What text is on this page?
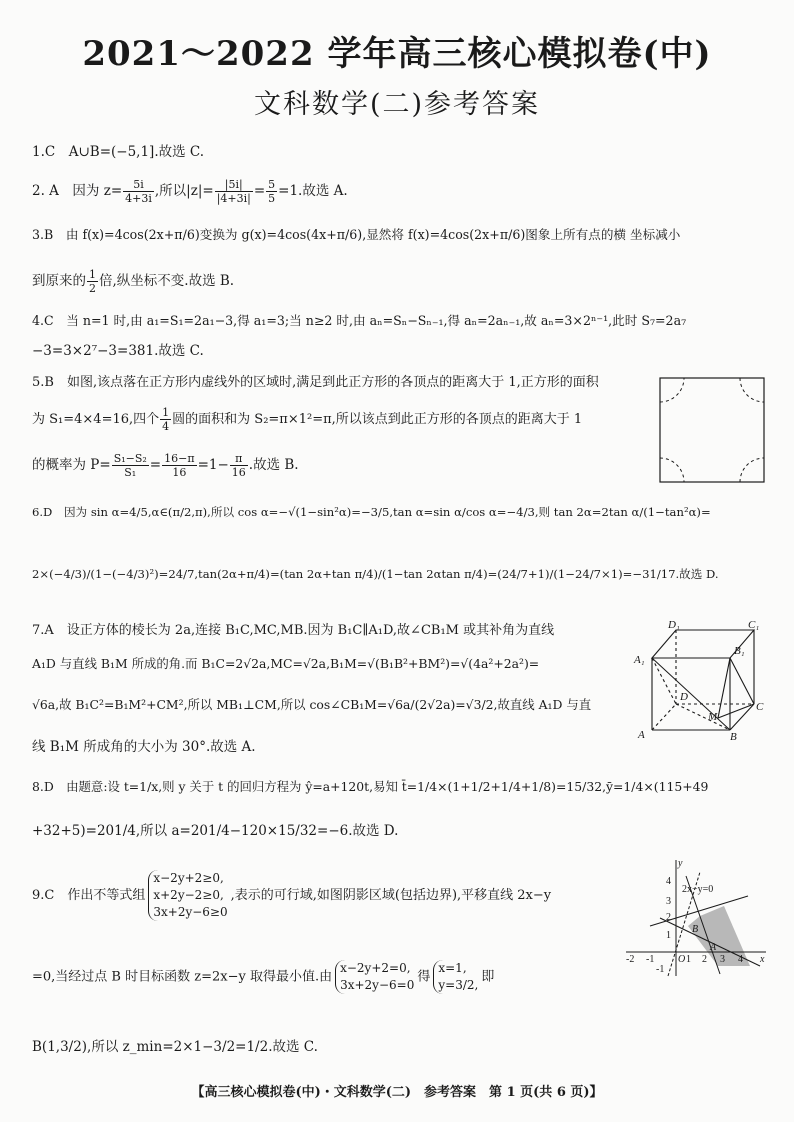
2021～2022 学年高三核心模拟卷(中)
文科数学(二)参考答案
1.C　A∪B=(−5,1].故选 C.
2. A　因为 $z= \frac{5i}{4+3i}$ ,所以$|z|= \frac{|5i|}{|4+3i|} = \frac{5}{5} =1$.故选 A.
3.B　由 f(x)=4cos(2x+π/6)变换为 g(x)=4cos(4x+π/6),显然将 f(x)=4cos(2x+π/6)图象上所有点的横 坐标减小
到原来的 $\frac{1}{2}$ 倍,纵坐标不变.故选 B.
4.C　当 n=1 时,由 a₁=S₁=2a₁−3,得 a₁=3;当 n≥2 时,由 aₙ=Sₙ−Sₙ₋₁,得 aₙ=2aₙ₋₁,故 aₙ=3×2ⁿ⁻¹,此时 S₇=2a₇
−3=3×2⁷−3=381.故选 C.
5.B　如图,该点落在正方形内虚线外的区域时,满足到此正方形的各顶点的距离大于 1,正方形的面积
为 S₁=4×4=16,四个 $\frac{1}{4}$ 圆的面积和为 S₂=π×1²=π,所以该点到此正方形的各顶点的距离大于 1
的概率为 $P= \frac{\text{S₁−S₂}}{\text{S₁}} = \frac{16-\pi}{16} =1- \frac{\pi}{16}$ .故选 B.
6.D　因为 sin α=4/5,α∈(π/2,π),所以 cos α=−√(1−sin²α)=−3/5,tan α=sin α/cos α=−4/3,则 tan 2α=2tan α/(1−tan²α)=
2×(−4/3)/(1−(−4/3)²)=24/7,tan(2α+π/4)=(tan 2α+tan π/4)/(1−tan 2αtan π/4)=(24/7+1)/(1−24/7×1)=−31/17.故选 D.
7.A　设正方体的棱长为 2a,连接 B₁C,MC,MB.因为 B₁C∥A₁D,故∠CB₁M 或其补角为直线
A₁D 与直线 B₁M 所成的角.而 B₁C=2√2a,MC=√2a,B₁M=√(B₁B²+BM²)=√(4a²+2a²)=
√6a,故 B₁C²=B₁M²+CM²,所以 MB₁⊥CM,所以 cos∠CB₁M=√6a/(2√2a)=√3/2,故直线 A₁D 与直
线 B₁M 所成角的大小为 30°.故选 A.
D₁	C₁
A₁
B₁
D
M
A	B
C
8.D　由题意:设 t=1/x,则 y 关于 t 的回归方程为 ŷ=a+120t,易知 t̄=1/4×(1+1/2+1/4+1/8)=15/32,ȳ=1/4×(115+49
+32+5)=201/4,所以 a=201/4−120×15/32=−6.故选 D.
9.C　作出不等式组
x−2y+2≥0,
x+2y−2≥0,
3x+2y−6≥0
,表示的可行域,如图阴影区域(包括边界),平移直线 2x−y
=0,当经过点 B 时目标函数 z=2x−y 取得最小值.由
x−2y+2=0,
3x+2y−6=0
得
x=1,
y=3/2,
即
B(1,3/2),所以 z_min=2×1−3/2=1/2.故选 C.
y
x
2x−y=0
O
B
A
4
3
2
1
-1
-2 -1	1 2 3 4
【高三核心模拟卷(中)・文科数学(二)　参考答案　第 1 页(共 6 页)】
